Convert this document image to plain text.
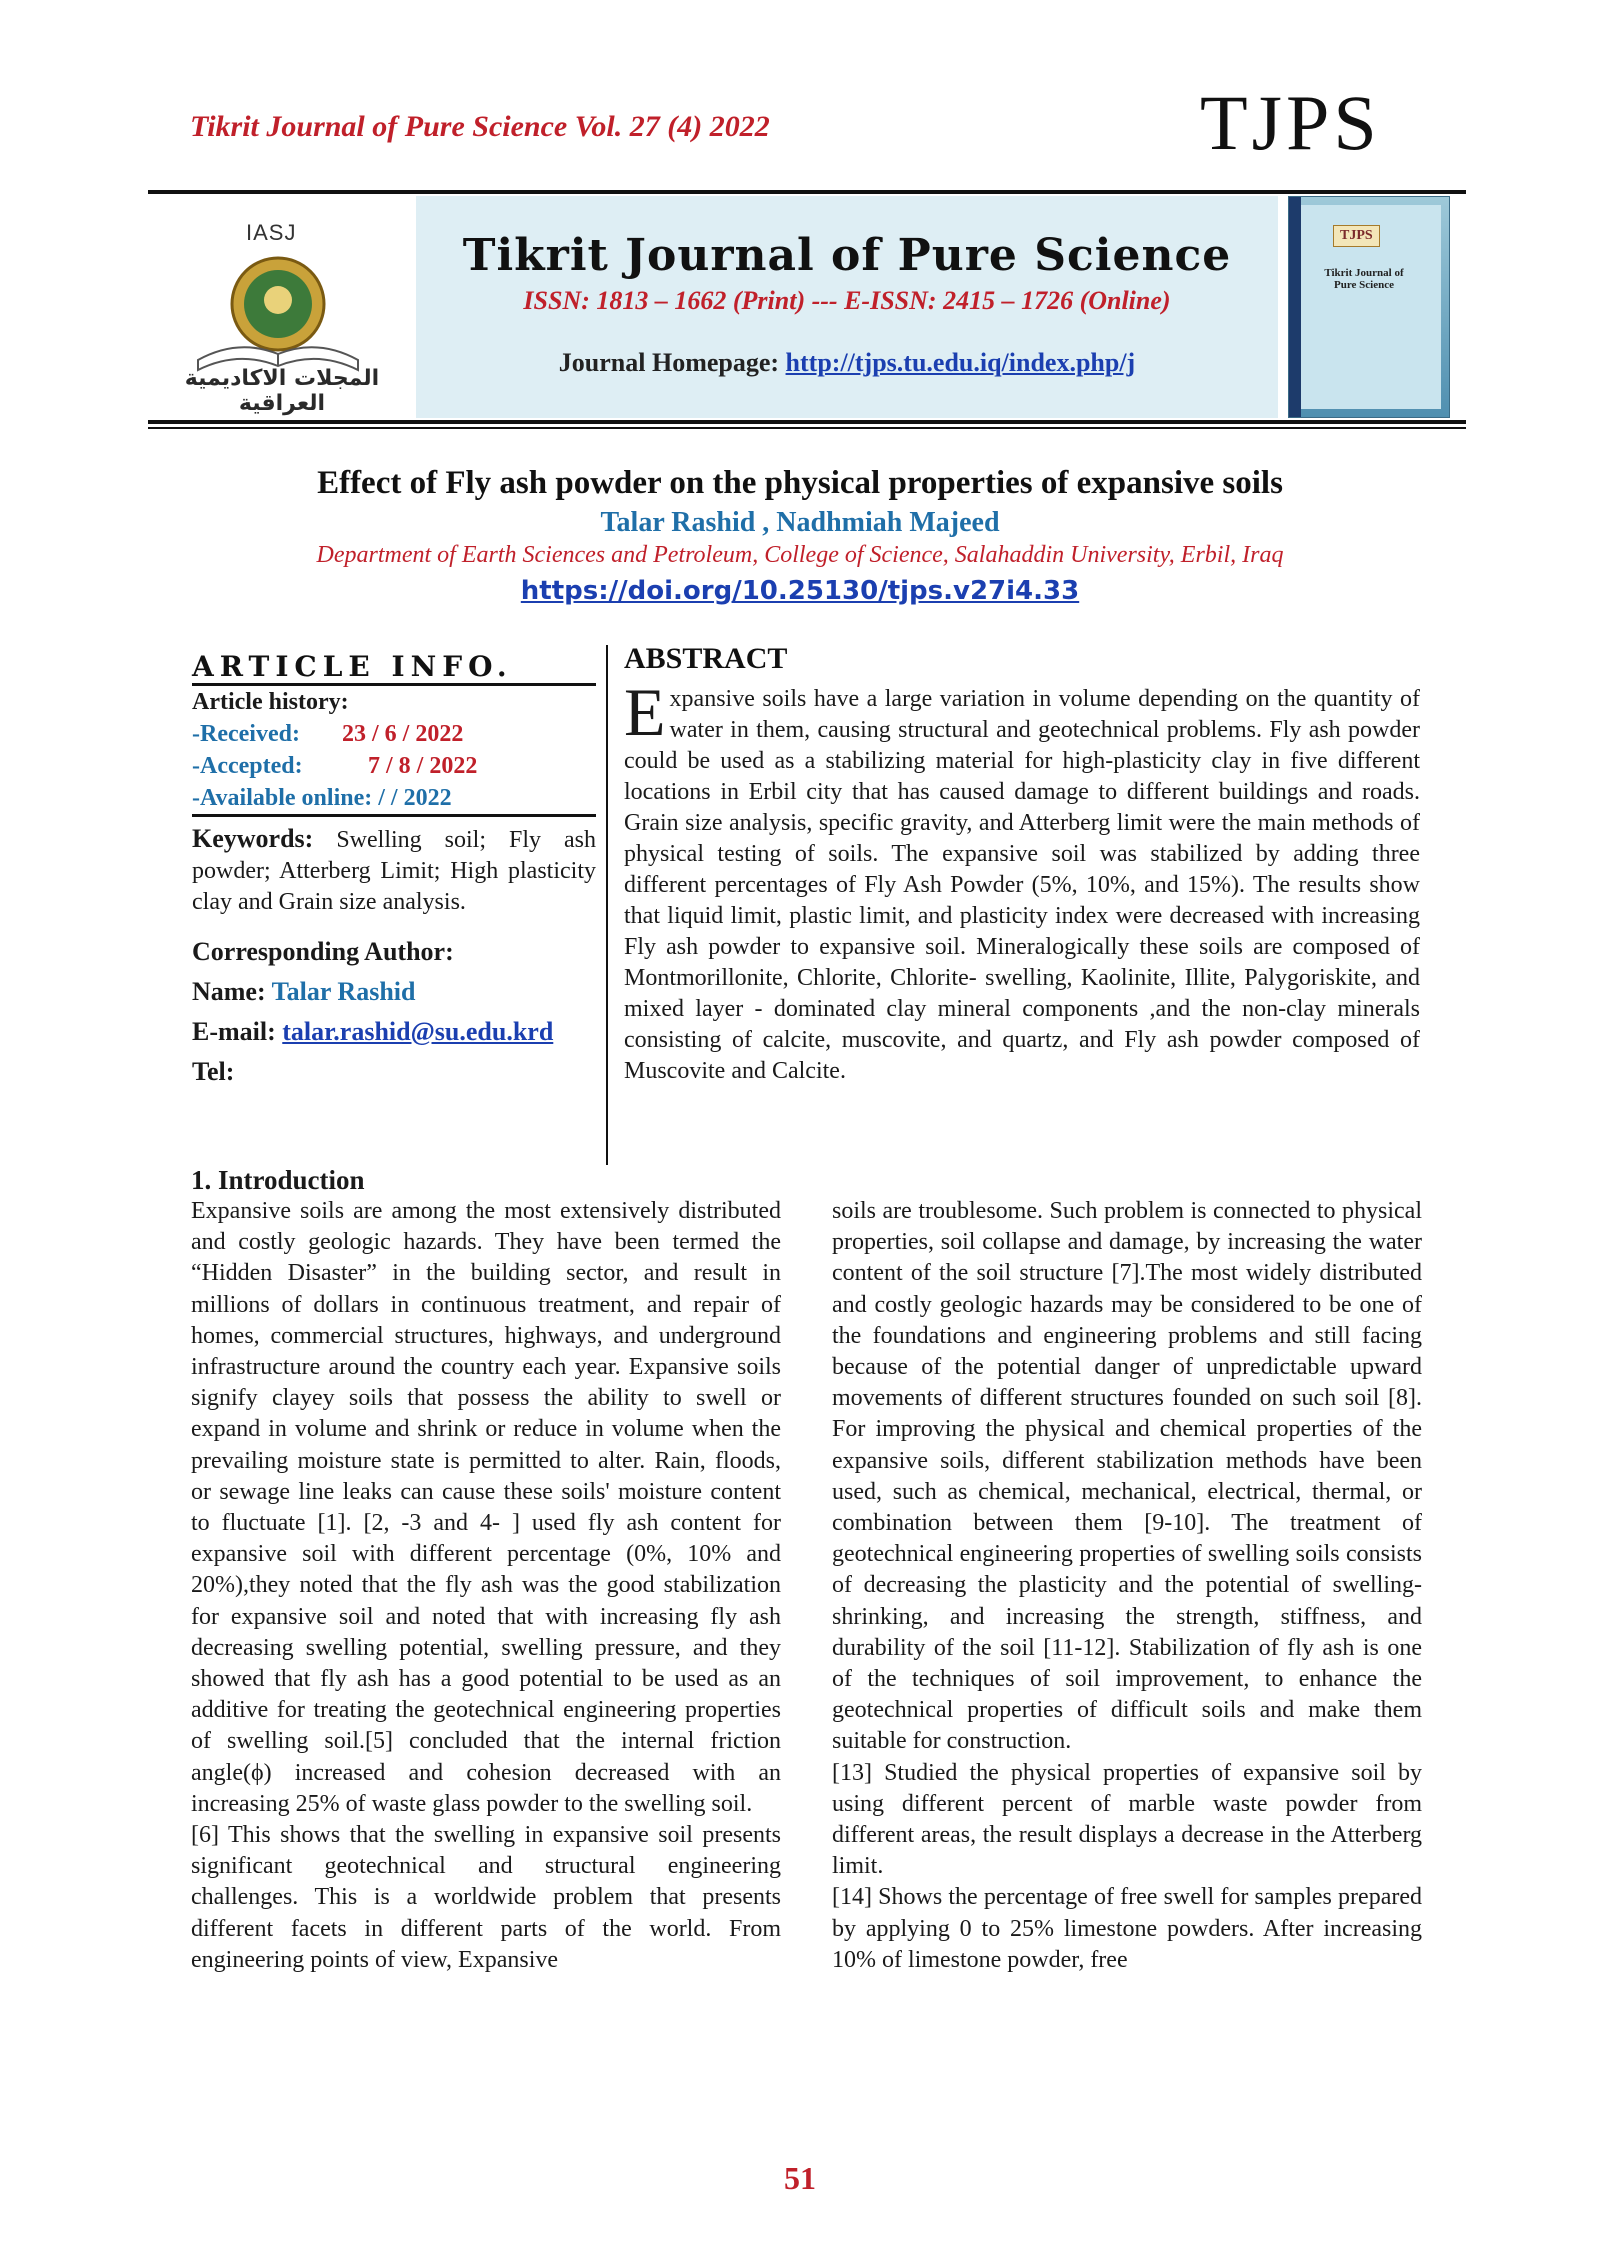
Tikrit Journal of Pure Science Vol. 27 (4) 2022	TJPS
IASJ
المجلات الاكاديمية العراقية
Tikrit Journal of Pure Science
ISSN: 1813 – 1662 (Print) --- E-ISSN: 2415 – 1726 (Online)
Journal Homepage: http://tjps.tu.edu.iq/index.php/j
TJPS
Tikrit Journal of Pure Science
Effect of Fly ash powder on the physical properties of expansive soils
Talar Rashid , Nadhmiah Majeed
Department of Earth Sciences and Petroleum, College of Science, Salahaddin University, Erbil, Iraq
https://doi.org/10.25130/tjps.v27i4.33
ARTICLE INFO.
Article history:
-Received:	23 / 6 / 2022
-Accepted:	7 / 8 / 2022
-Available online: / / 2022
Keywords: Swelling soil; Fly ash powder; Atterberg Limit; High plasticity clay and Grain size analysis.
Corresponding Author:
Name: Talar Rashid
E-mail: talar.rashid@su.edu.krd
Tel:
ABSTRACT
Expansive soils have a large variation in volume depending on the quantity of water in them, causing structural and geotechnical problems. Fly ash powder could be used as a stabilizing material for high-plasticity clay in five different locations in Erbil city that has caused damage to different buildings and roads. Grain size analysis, specific gravity, and Atterberg limit were the main methods of physical testing of soils. The expansive soil was stabilized by adding three different percentages of Fly Ash Powder (5%, 10%, and 15%). The results show that liquid limit, plastic limit, and plasticity index were decreased with increasing Fly ash powder to expansive soil. Mineralogically these soils are composed of Montmorillonite, Chlorite, Chlorite- swelling, Kaolinite, Illite, Palygoriskite, and mixed layer - dominated clay mineral components ,and the non-clay minerals consisting of calcite, muscovite, and quartz, and Fly ash powder composed of Muscovite and Calcite.
1. Introduction

Expansive soils are among the most extensively distributed and costly geologic hazards. They have been termed the “Hidden Disaster” in the building sector, and result in millions of dollars in continuous treatment, and repair of homes, commercial structures, highways, and underground infrastructure around the country each year. Expansive soils signify clayey soils that possess the ability to swell or expand in volume and shrink or reduce in volume when the prevailing moisture state is permitted to alter. Rain, floods, or sewage line leaks can cause these soils' moisture content to fluctuate [1]. [2, -3 and 4- ] used fly ash content for expansive soil with different percentage (0%, 10% and 20%),they noted that the fly ash was the good stabilization for expansive soil and noted that with increasing fly ash decreasing swelling potential, swelling pressure, and they showed that fly ash has a good potential to be used as an additive for treating the geotechnical engineering properties of swelling soil.[5] concluded that the internal friction angle(ϕ) increased and cohesion decreased with an increasing 25% of waste glass powder to the swelling soil.

[6] This shows that the swelling in expansive soil presents significant geotechnical and structural engineering challenges. This is a worldwide problem that presents different facets in different parts of the world. From engineering points of view, Expansive

soils are troublesome. Such problem is connected to physical properties, soil collapse and damage, by increasing the water content of the soil structure [7].The most widely distributed and costly geologic hazards may be considered to be one of the foundations and engineering problems and still facing because of the potential danger of unpredictable upward movements of different structures founded on such soil [8]. For improving the physical and chemical properties of the expansive soils, different stabilization methods have been used, such as chemical, mechanical, electrical, thermal, or combination between them [9-10]. The treatment of geotechnical engineering properties of swelling soils consists of decreasing the plasticity and the potential of swelling-shrinking, and increasing the strength, stiffness, and durability of the soil [11-12]. Stabilization of fly ash is one of the techniques of soil improvement, to enhance the geotechnical properties of difficult soils and make them suitable for construction.

[13] Studied the physical properties of expansive soil by using different percent of marble waste powder from different areas, the result displays a decrease in the Atterberg limit.

[14] Shows the percentage of free swell for samples prepared by applying 0 to 25% limestone powders. After increasing 10% of limestone powder, free

51
